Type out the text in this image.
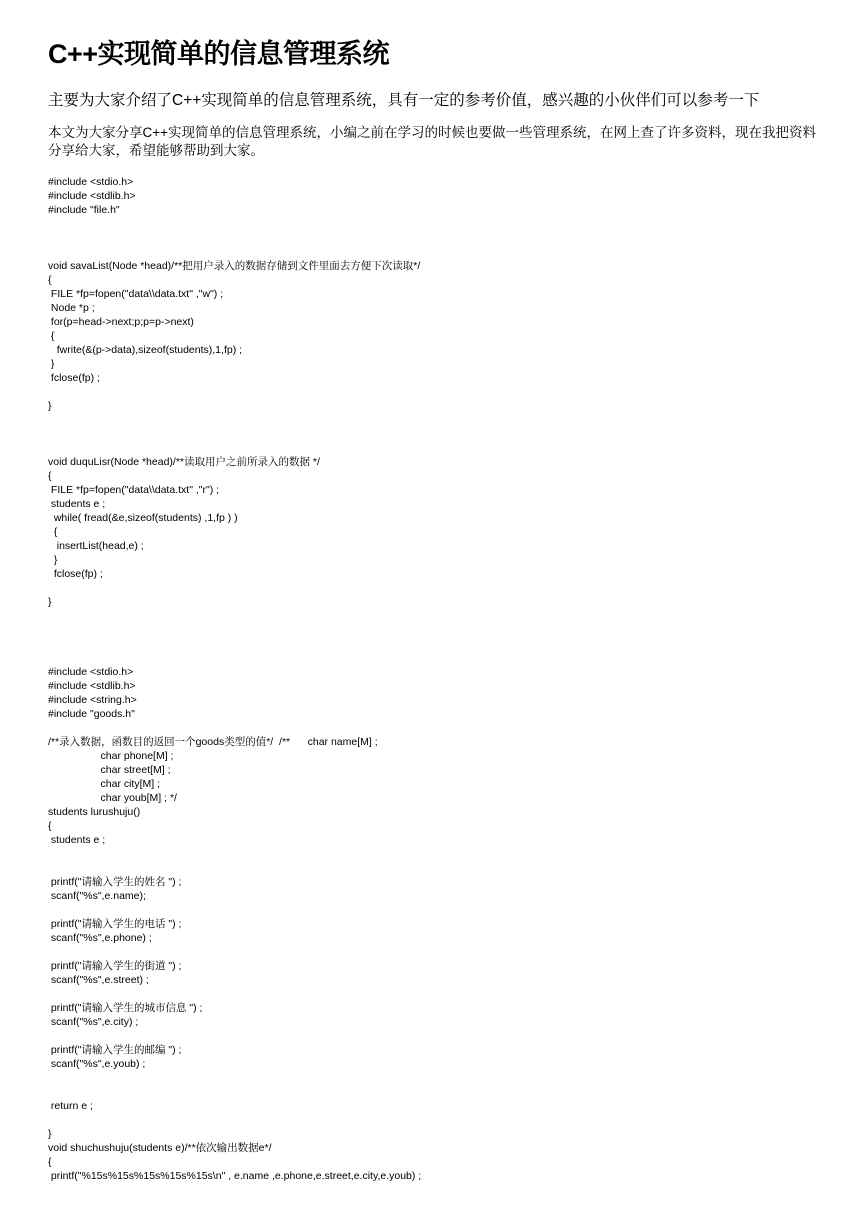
C++实现简单的信息管理系统

主要为大家介绍了C++实现简单的信息管理系统，具有一定的参考价值，感兴趣的小伙伴们可以参考一下

本文为大家分享C++实现简单的信息管理系统，小编之前在学习的时候也要做一些管理系统，在网上查了许多资料，现在我把资料分享给大家，希望能够帮助到大家。

#include <stdio.h>
#include <stdlib.h>
#include "file.h"

void savaList(Node *head)/**把用户录入的数据存储到文件里面去方便下次读取*/
{
FILE *fp=fopen("data\\data.txt" ,"w") ;
Node *p ;
for(p=head->next;p;p=p->next)
{
fwrite(&(p->data),sizeof(students),1,fp) ;
}
fclose(fp) ;

}

void duquLisr(Node *head)/**读取用户之前所录入的数据 */
{
FILE *fp=fopen("data\\data.txt" ,"r") ;
students e ;
while( fread(&e,sizeof(students) ,1,fp ) )
{
insertList(head,e) ;
}
fclose(fp) ;

}

#include <stdio.h>
#include <stdlib.h>
#include <string.h>
#include "goods.h"

/**录入数据，函数目的返回一个goods类型的值*/  /**      char name[M] ;
char phone[M] ;
char street[M] ;
char city[M] ;
char youb[M] ; */
students lurushuju()
{
students e ;

printf("请输入学生的姓名 ") ;
scanf("%s",e.name);

printf("请输入学生的电话 ") ;
scanf("%s",e.phone) ;

printf("请输入学生的街道 ") ;
scanf("%s",e.street) ;

printf("请输入学生的城市信息 ") ;
scanf("%s",e.city) ;

printf("请输入学生的邮编 ") ;
scanf("%s",e.youb) ;

return e ;

}
void shuchushuju(students e)/**依次输出数据e*/
{
printf("%15s%15s%15s%15s%15s\n" , e.name ,e.phone,e.street,e.city,e.youb) ;
